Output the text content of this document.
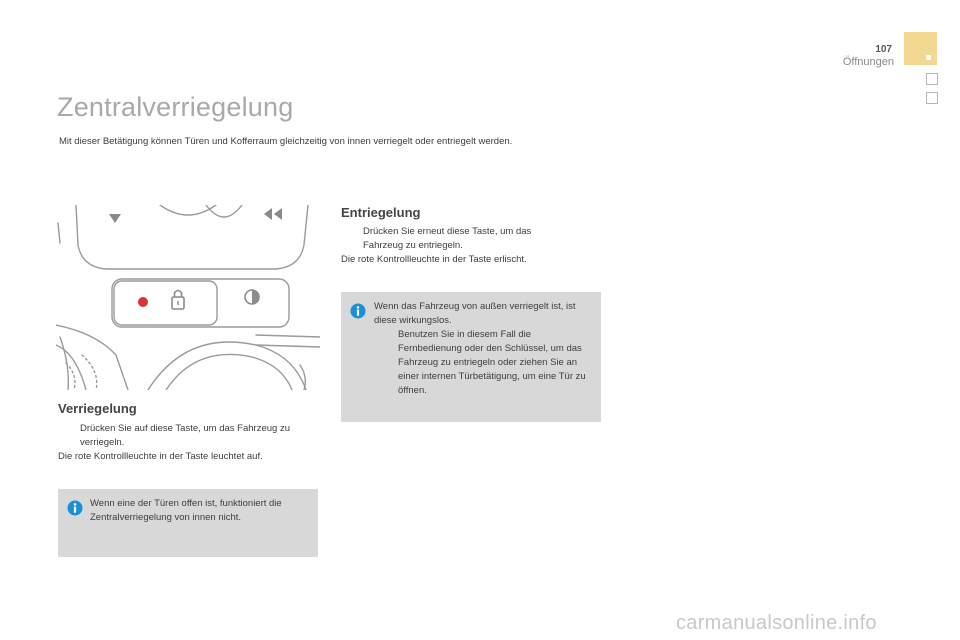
107
Öffnungen
Zentralverriegelung
Mit dieser Betätigung können Türen und Kofferraum gleichzeitig von innen verriegelt oder entriegelt werden.
Verriegelung
Drücken Sie auf diese Taste, um das Fahrzeug zu verriegeln.
Die rote Kontrollleuchte in der Taste leuchtet auf.
Wenn eine der Türen offen ist, funktioniert die Zentralverriegelung von innen nicht.
Entriegelung
Drücken Sie erneut diese Taste, um das Fahrzeug zu entriegeln.
Die rote Kontrollleuchte in der Taste erlischt.
Wenn das Fahrzeug von außen verriegelt ist, ist diese wirkungslos.
Benutzen Sie in diesem Fall die Fernbedienung oder den Schlüssel, um das Fahrzeug zu entriegeln oder ziehen Sie an einer internen Türbetätigung, um eine Tür zu öffnen.
carmanualsonline.info
